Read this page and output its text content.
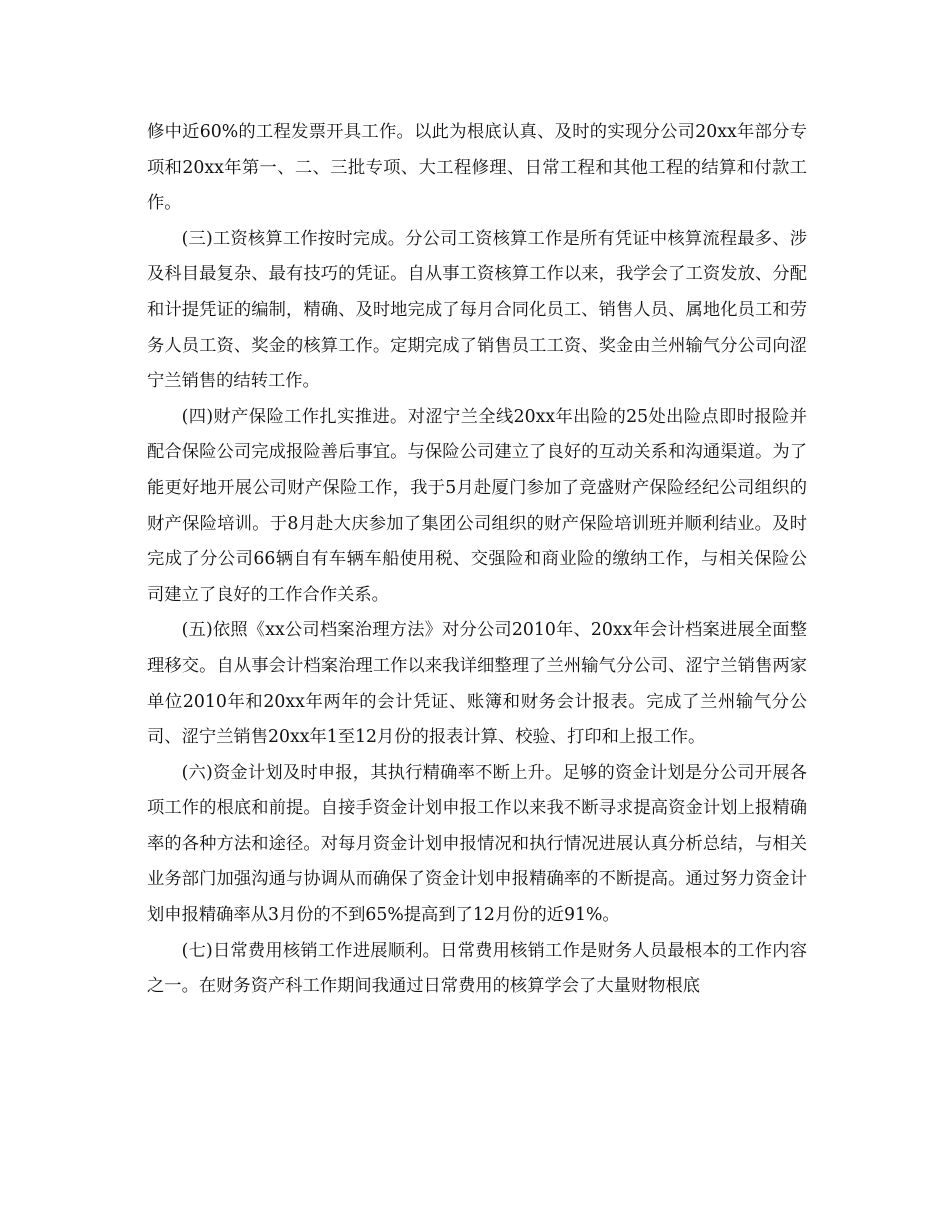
修中近60%的工程发票开具工作。以此为根底认真、及时的实现分公司20xx年部分专项和20xx年第一、二、三批专项、大工程修理、日常工程和其他工程的结算和付款工作。

(三)工资核算工作按时完成。分公司工资核算工作是所有凭证中核算流程最多、涉及科目最复杂、最有技巧的凭证。自从事工资核算工作以来，我学会了工资发放、分配和计提凭证的编制，精确、及时地完成了每月合同化员工、销售人员、属地化员工和劳务人员工资、奖金的核算工作。定期完成了销售员工工资、奖金由兰州输气分公司向涩宁兰销售的结转工作。

(四)财产保险工作扎实推进。对涩宁兰全线20xx年出险的25处出险点即时报险并配合保险公司完成报险善后事宜。与保险公司建立了良好的互动关系和沟通渠道。为了能更好地开展公司财产保险工作，我于5月赴厦门参加了竞盛财产保险经纪公司组织的财产保险培训。于8月赴大庆参加了集团公司组织的财产保险培训班并顺利结业。及时完成了分公司66辆自有车辆车船使用税、交强险和商业险的缴纳工作，与相关保险公司建立了良好的工作合作关系。

(五)依照《xx公司档案治理方法》对分公司2010年、20xx年会计档案进展全面整理移交。自从事会计档案治理工作以来我详细整理了兰州输气分公司、涩宁兰销售两家单位2010年和20xx年两年的会计凭证、账簿和财务会计报表。完成了兰州输气分公司、涩宁兰销售20xx年1至12月份的报表计算、校验、打印和上报工作。

(六)资金计划及时申报，其执行精确率不断上升。足够的资金计划是分公司开展各项工作的根底和前提。自接手资金计划申报工作以来我不断寻求提高资金计划上报精确率的各种方法和途径。对每月资金计划申报情况和执行情况进展认真分析总结，与相关业务部门加强沟通与协调从而确保了资金计划申报精确率的不断提高。通过努力资金计划申报精确率从3月份的不到65%提高到了12月份的近91%。

(七)日常费用核销工作进展顺利。日常费用核销工作是财务人员最根本的工作内容之一。在财务资产科工作期间我通过日常费用的核算学会了大量财物根底
